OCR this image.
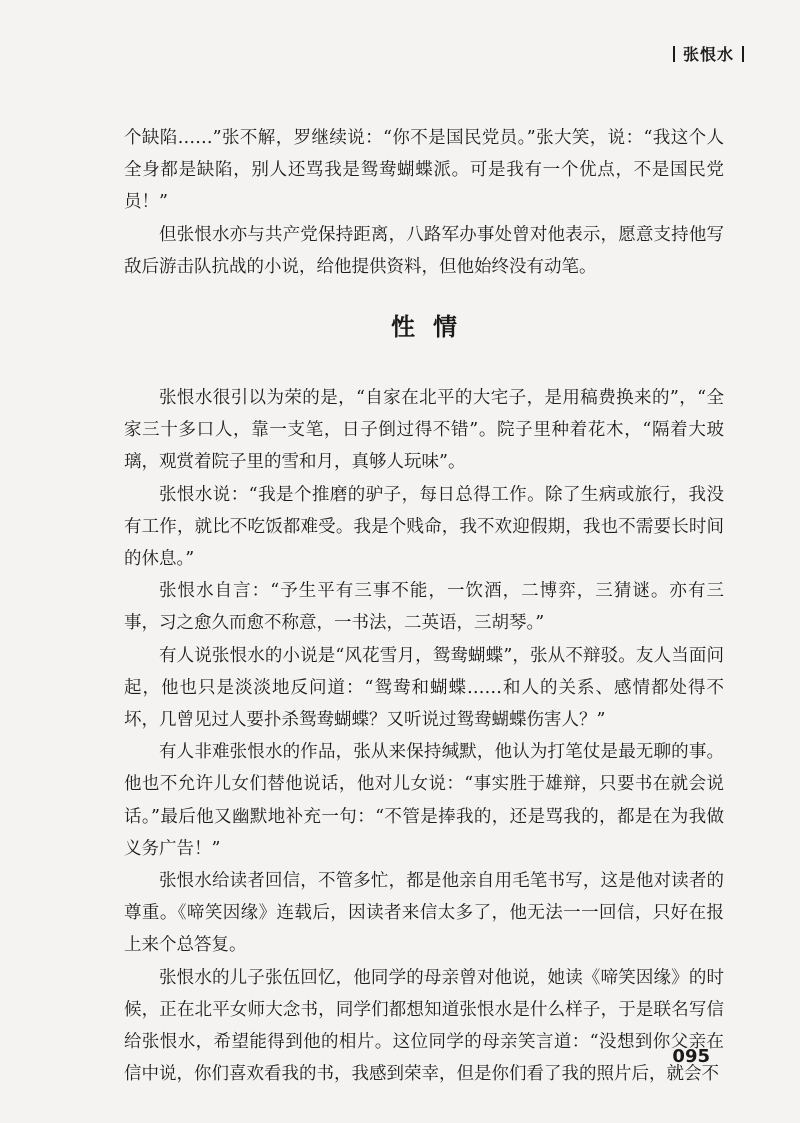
张恨水

个缺陷……”张不解，罗继续说：“你不是国民党员。”张大笑，说：“我这个人全身都是缺陷，别人还骂我是鸳鸯蝴蝶派。可是我有一个优点，不是国民党员！”

但张恨水亦与共产党保持距离，八路军办事处曾对他表示，愿意支持他写敌后游击队抗战的小说，给他提供资料，但他始终没有动笔。

性情

张恨水很引以为荣的是，“自家在北平的大宅子，是用稿费换来的”，“全家三十多口人，靠一支笔，日子倒过得不错”。院子里种着花木，“隔着大玻璃，观赏着院子里的雪和月，真够人玩味”。

张恨水说：“我是个推磨的驴子，每日总得工作。除了生病或旅行，我没有工作，就比不吃饭都难受。我是个贱命，我不欢迎假期，我也不需要长时间的休息。”

张恨水自言：“予生平有三事不能，一饮酒，二博弈，三猜谜。亦有三事，习之愈久而愈不称意，一书法，二英语，三胡琴。”

有人说张恨水的小说是“风花雪月，鸳鸯蝴蝶”，张从不辩驳。友人当面问起，他也只是淡淡地反问道：“鸳鸯和蝴蝶……和人的关系、感情都处得不坏，几曾见过人要扑杀鸳鸯蝴蝶？又听说过鸳鸯蝴蝶伤害人？”

有人非难张恨水的作品，张从来保持缄默，他认为打笔仗是最无聊的事。他也不允许儿女们替他说话，他对儿女说：“事实胜于雄辩，只要书在就会说话。”最后他又幽默地补充一句：“不管是捧我的，还是骂我的，都是在为我做义务广告！”

张恨水给读者回信，不管多忙，都是他亲自用毛笔书写，这是他对读者的尊重。《啼笑因缘》连载后，因读者来信太多了，他无法一一回信，只好在报上来个总答复。

张恨水的儿子张伍回忆，他同学的母亲曾对他说，她读《啼笑因缘》的时候，正在北平女师大念书，同学们都想知道张恨水是什么样子，于是联名写信给张恨水，希望能得到他的相片。这位同学的母亲笑言道：“没想到你父亲在信中说，你们喜欢看我的书，我感到荣幸，但是你们看了我的照片后，就会不

095
